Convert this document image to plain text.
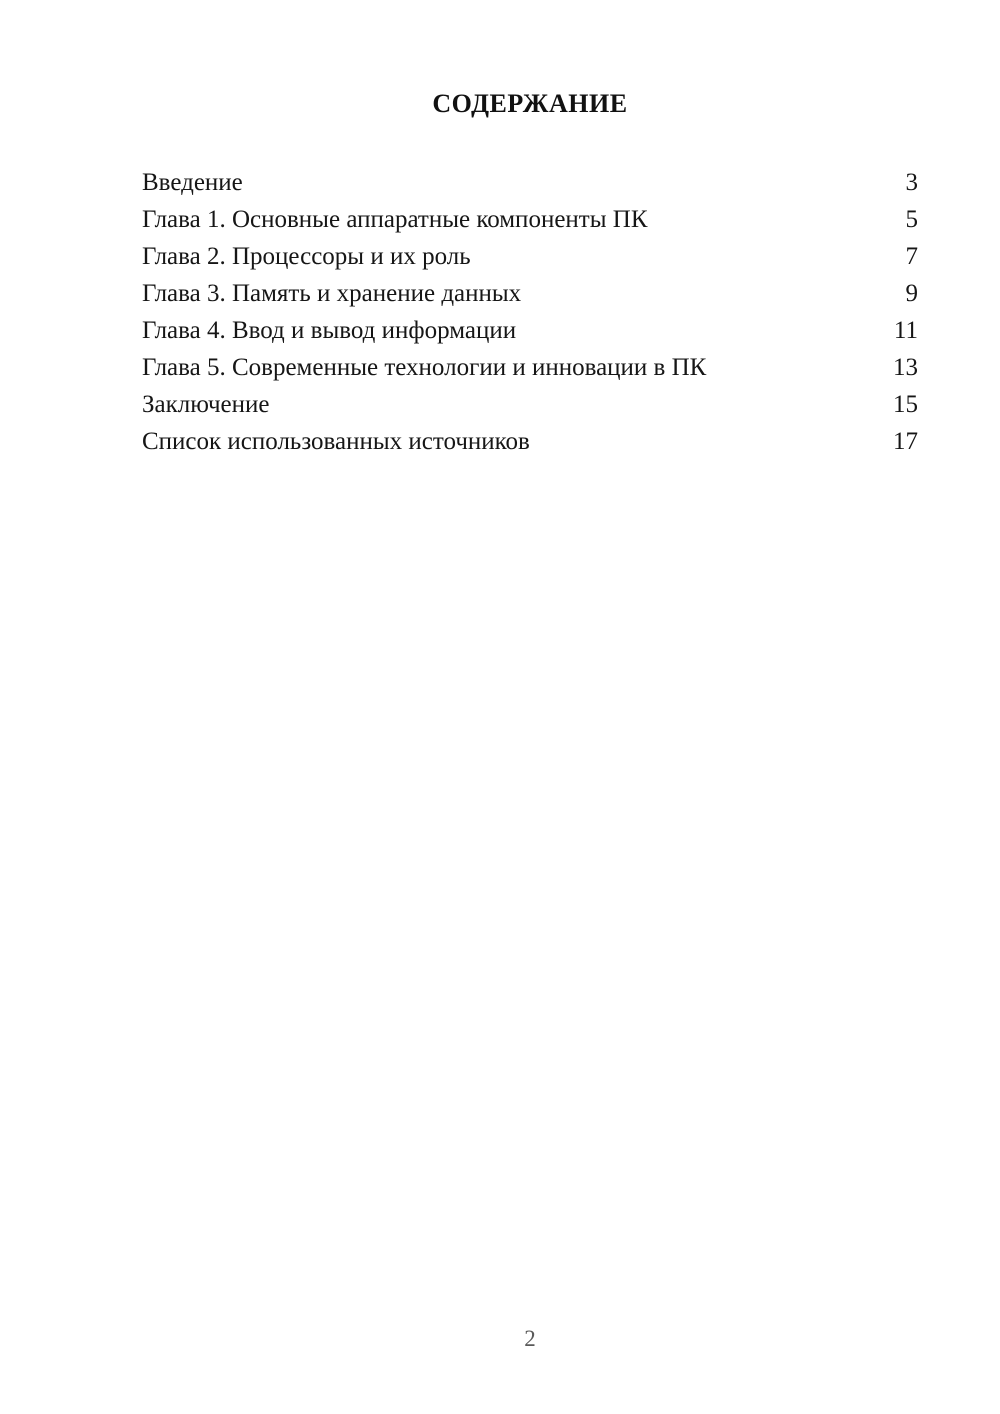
СОДЕРЖАНИЕ
Введение	3
Глава 1. Основные аппаратные компоненты ПК	5
Глава 2. Процессоры и их роль	7
Глава 3. Память и хранение данных	9
Глава 4. Ввод и вывод информации	11
Глава 5. Современные технологии и инновации в ПК	13
Заключение	15
Список использованных источников	17
2
